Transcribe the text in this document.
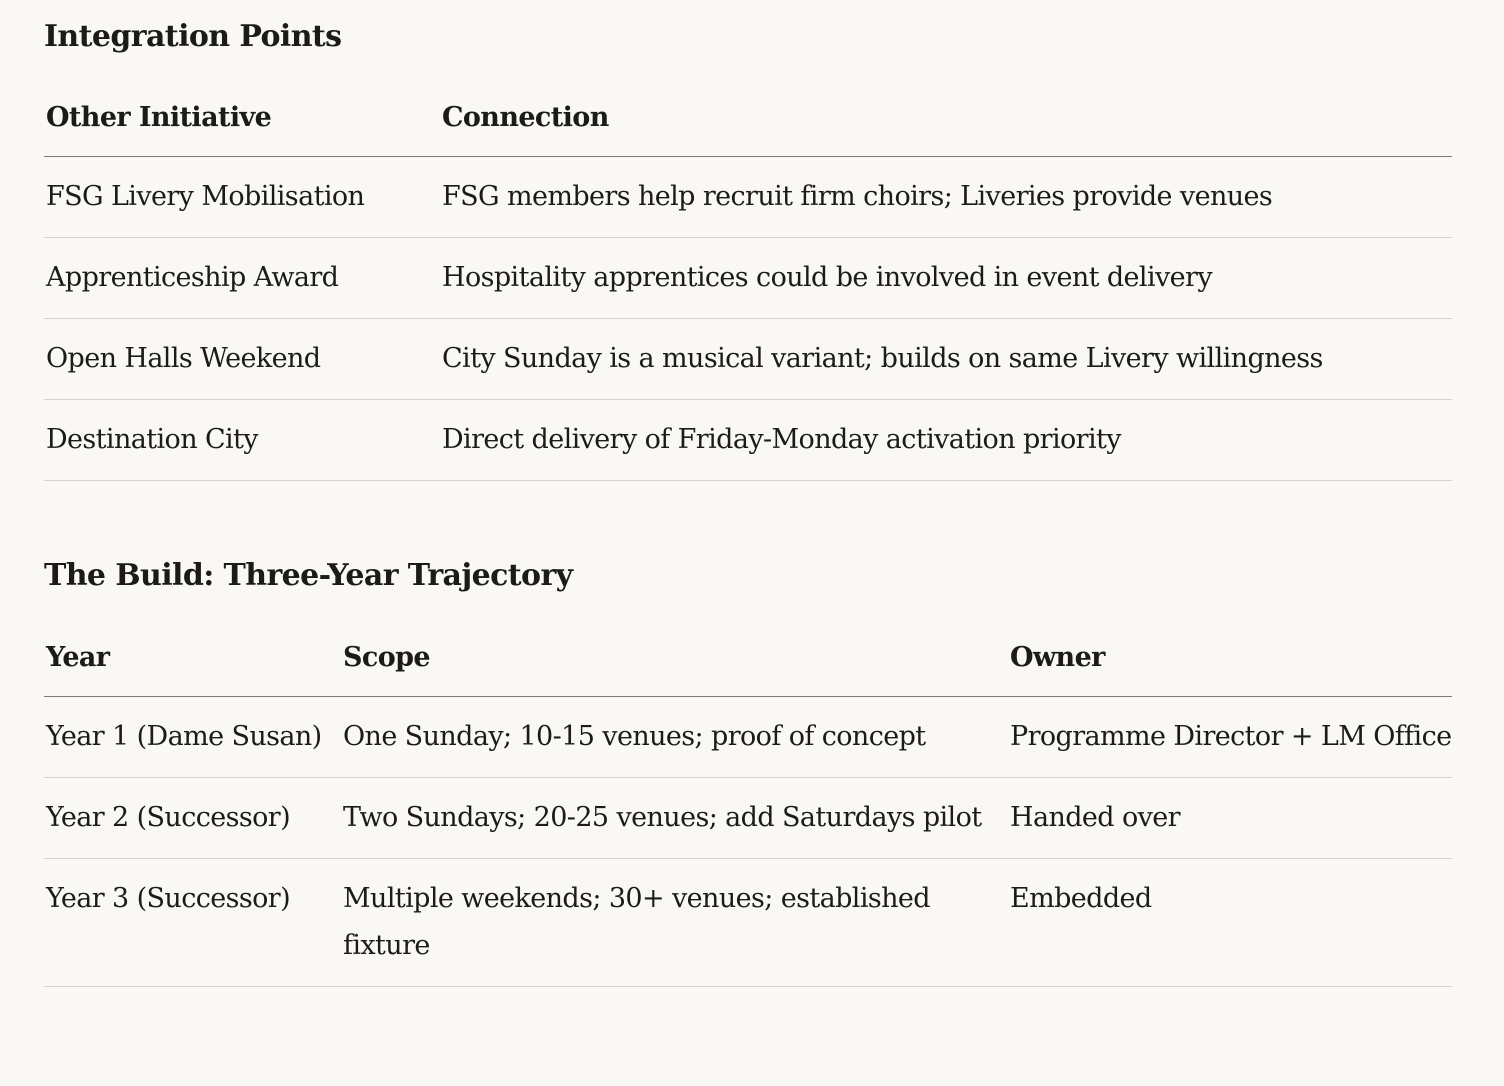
Integration Points
Other Initiative	Connection
FSG Livery Mobilisation	FSG members help recruit firm choirs; Liveries provide venues
Apprenticeship Award	Hospitality apprentices could be involved in event delivery
Open Halls Weekend	City Sunday is a musical variant; builds on same Livery willingness
Destination City	Direct delivery of Friday-Monday activation priority
The Build: Three-Year Trajectory
Year	Scope	Owner
Year 1 (Dame Susan)	One Sunday; 10-15 venues; proof of concept	Programme Director + LM Office
Year 2 (Successor)	Two Sundays; 20-25 venues; add Saturdays pilot	Handed over
Year 3 (Successor)	Multiple weekends; 30+ venues; established fixture	Embedded
